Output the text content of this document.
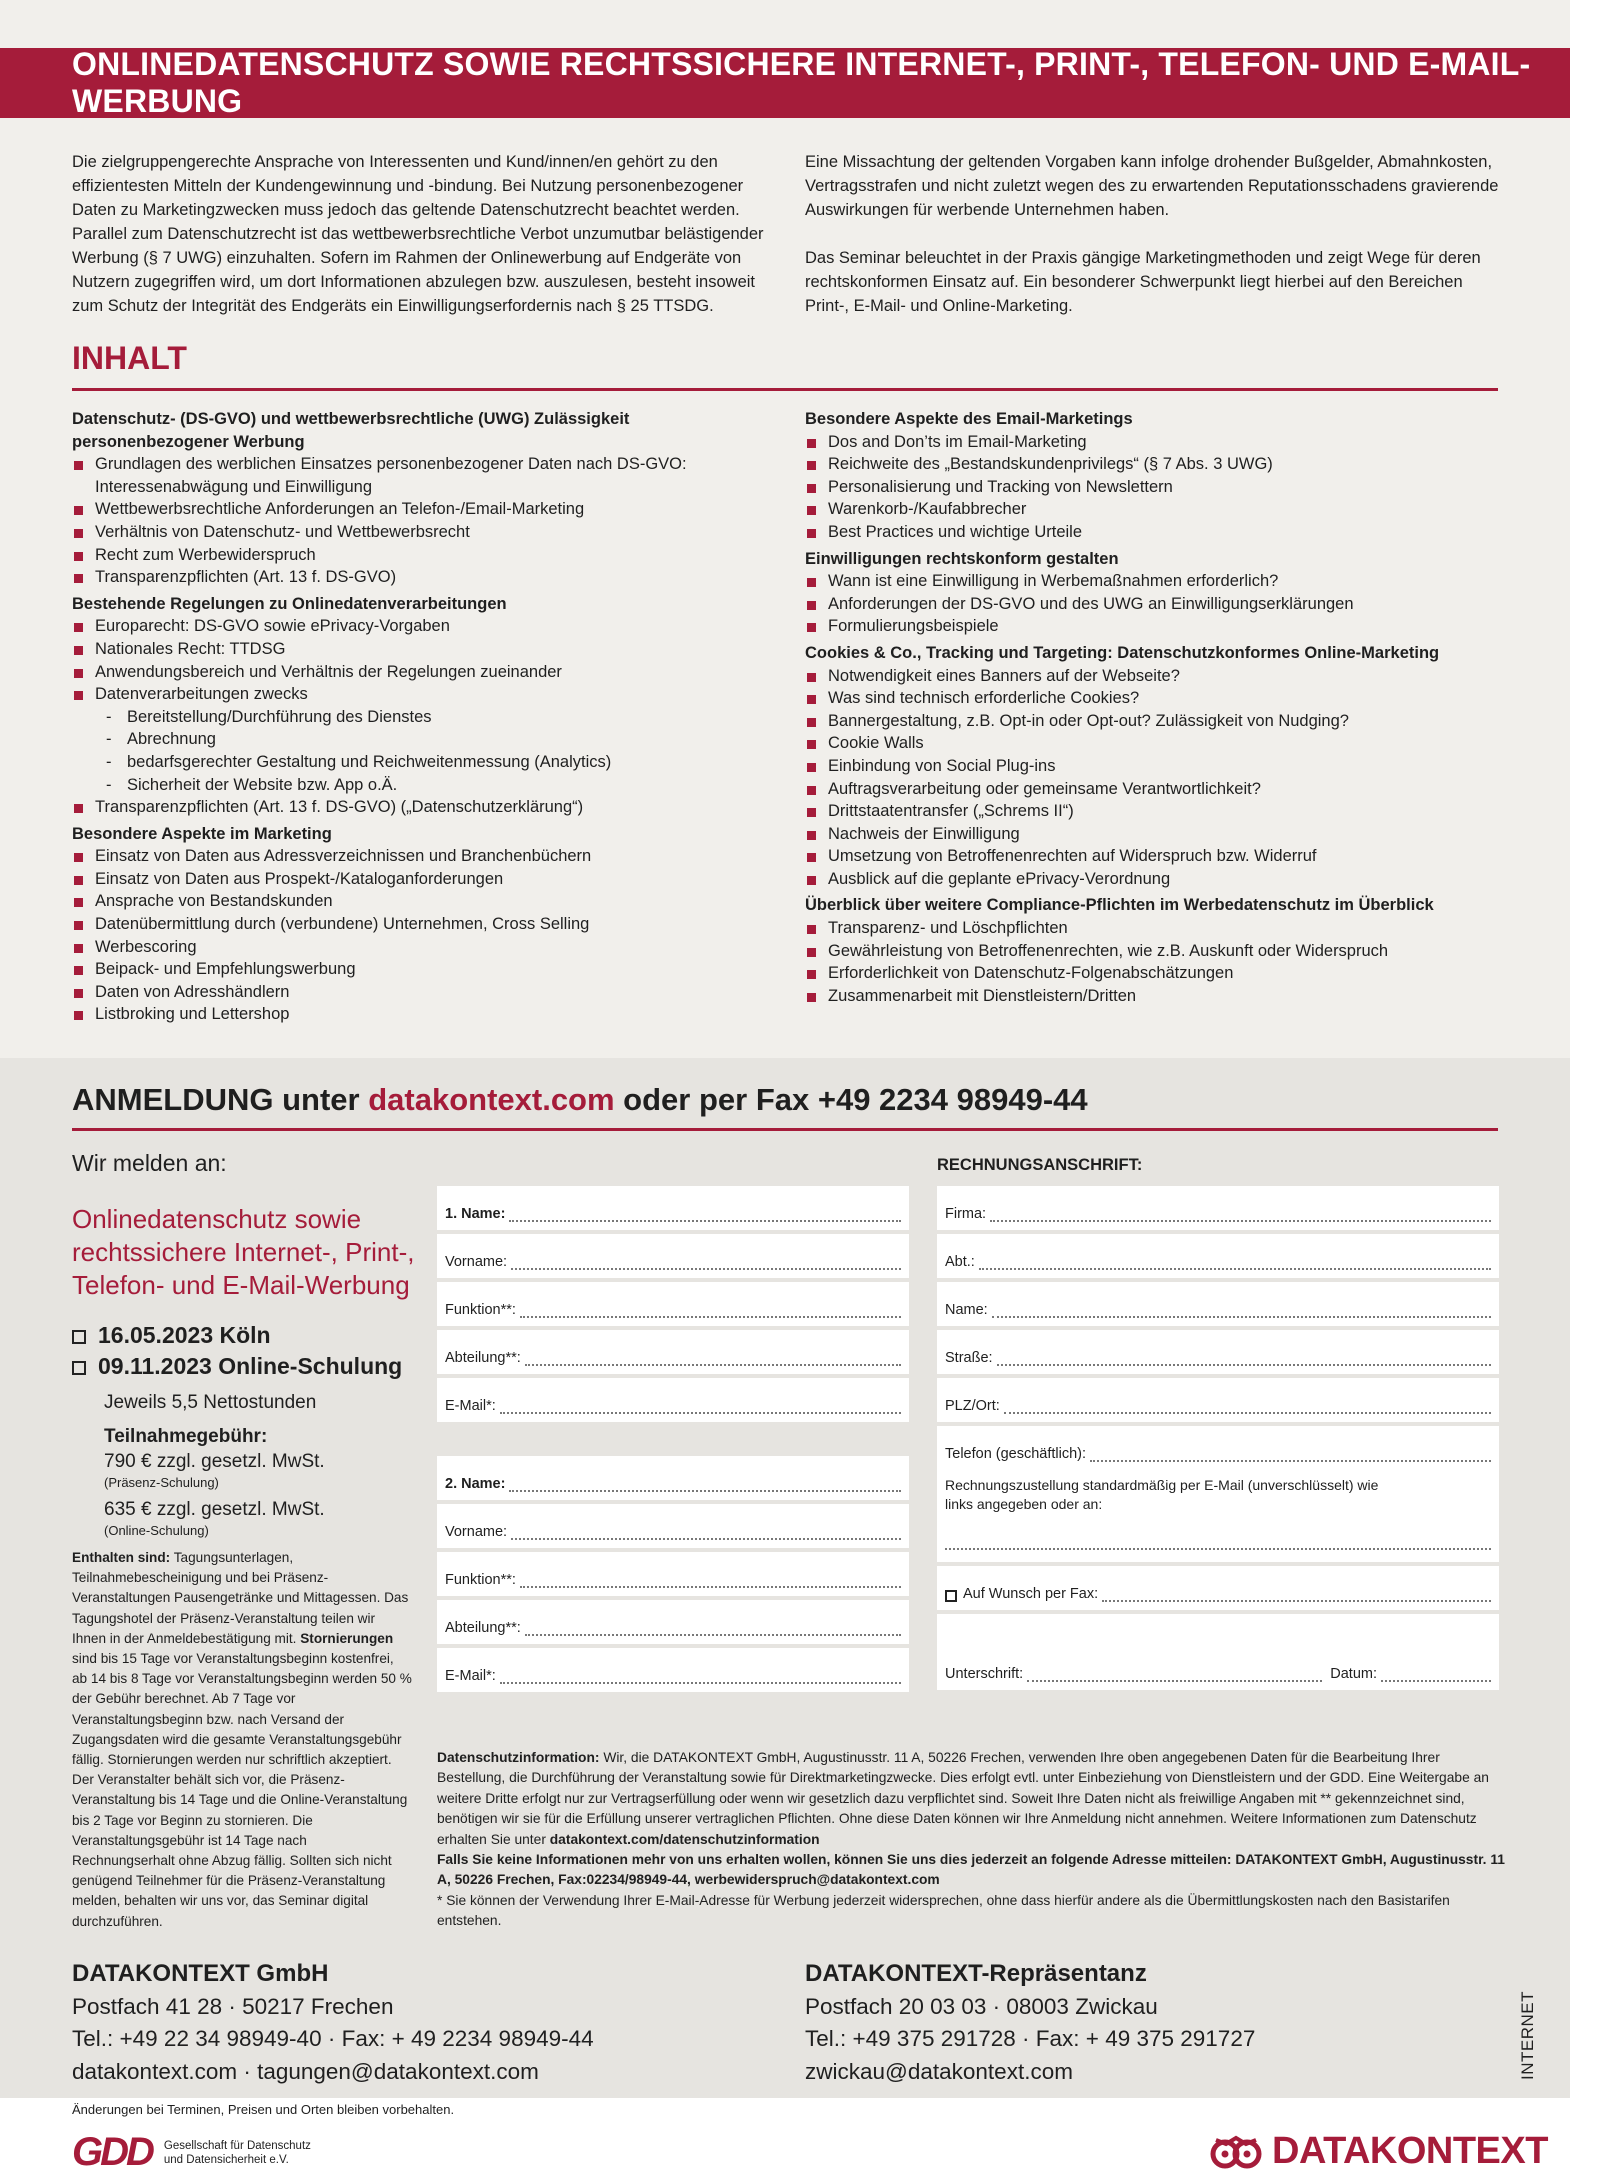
ONLINEDATENSCHUTZ SOWIE RECHTSSICHERE INTERNET-, PRINT-, TELEFON- UND E-MAIL-WERBUNG

Die zielgruppengerechte Ansprache von Interessenten und Kund/innen/en gehört zu den effizientesten Mitteln der Kundengewinnung und -bindung. Bei Nutzung personenbezogener Daten zu Marketingzwecken muss jedoch das geltende Datenschutzrecht beachtet werden. Parallel zum Datenschutzrecht ist das wettbewerbsrechtliche Verbot unzumutbar belästigender Werbung (§ 7 UWG) einzuhalten. Sofern im Rahmen der Onlinewerbung auf Endgeräte von Nutzern zugegriffen wird, um dort Informationen abzulegen bzw. auszulesen, besteht insoweit zum Schutz der Integrität des Endgeräts ein Einwilligungserfordernis nach § 25 TTSDG.

Eine Missachtung der geltenden Vorgaben kann infolge drohender Bußgelder, Abmahnkosten, Vertragsstrafen und nicht zuletzt wegen des zu erwartenden Reputationsschadens gravierende Auswirkungen für werbende Unternehmen haben.

Das Seminar beleuchtet in der Praxis gängige Marketingmethoden und zeigt Wege für deren rechtskonformen Einsatz auf. Ein besonderer Schwerpunkt liegt hierbei auf den Bereichen Print-, E-Mail- und Online-Marketing.

INHALT
Datenschutz- (DS-GVO) und wettbewerbsrechtliche (UWG) Zulässigkeit personenbezogener Werbung
Grundlagen des werblichen Einsatzes personenbezogener Daten nach DS-GVO: Interessenabwägung und Einwilligung
Wettbewerbsrechtliche Anforderungen an Telefon-/Email-Marketing
Verhältnis von Datenschutz- und Wettbewerbsrecht
Recht zum Werbewiderspruch
Transparenzpflichten (Art. 13 f. DS-GVO)
Bestehende Regelungen zu Onlinedatenverarbeitungen
Europarecht: DS-GVO sowie ePrivacy-Vorgaben
Nationales Recht: TTDSG
Anwendungsbereich und Verhältnis der Regelungen zueinander
Datenverarbeitungen zwecks
- Bereitstellung/Durchführung des Dienstes
- Abrechnung
- bedarfsgerechter Gestaltung und Reichweitenmessung (Analytics)
- Sicherheit der Website bzw. App o.Ä.
Transparenzpflichten (Art. 13 f. DS-GVO) („Datenschutzerklärung“)
Besondere Aspekte im Marketing
Einsatz von Daten aus Adressverzeichnissen und Branchenbüchern
Einsatz von Daten aus Prospekt-/Kataloganforderungen
Ansprache von Bestandskunden
Datenübermittlung durch (verbundene) Unternehmen, Cross Selling
Werbescoring
Beipack- und Empfehlungswerbung
Daten von Adresshändlern
Listbroking und Lettershop
Besondere Aspekte des Email-Marketings
Dos and Don’ts im Email-Marketing
Reichweite des „Bestandskundenprivilegs“ (§ 7 Abs. 3 UWG)
Personalisierung und Tracking von Newslettern
Warenkorb-/Kaufabbrecher
Best Practices und wichtige Urteile
Einwilligungen rechtskonform gestalten
Wann ist eine Einwilligung in Werbemaßnahmen erforderlich?
Anforderungen der DS-GVO und des UWG an Einwilligungserklärungen
Formulierungsbeispiele
Cookies & Co., Tracking und Targeting: Datenschutzkonformes Online-Marketing
Notwendigkeit eines Banners auf der Webseite?
Was sind technisch erforderliche Cookies?
Bannergestaltung, z.B. Opt-in oder Opt-out? Zulässigkeit von Nudging?
Cookie Walls
Einbindung von Social Plug-ins
Auftragsverarbeitung oder gemeinsame Verantwortlichkeit?
Drittstaatentransfer („Schrems II“)
Nachweis der Einwilligung
Umsetzung von Betroffenenrechten auf Widerspruch bzw. Widerruf
Ausblick auf die geplante ePrivacy-Verordnung
Überblick über weitere Compliance-Pflichten im Werbedatenschutz im Überblick
Transparenz- und Löschpflichten
Gewährleistung von Betroffenenrechten, wie z.B. Auskunft oder Widerspruch
Erforderlichkeit von Datenschutz-Folgenabschätzungen
Zusammenarbeit mit Dienstleistern/Dritten
ANMELDUNG unter datakontext.com oder per Fax +49 2234 98949-44
Wir melden an:
Onlinedatenschutz sowie rechtssichere Internet-, Print-, Telefon- und E-Mail-Werbung
16.05.2023 Köln
09.11.2023 Online-Schulung
Jeweils 5,5 Nettostunden
Teilnahmegebühr:
790 € zzgl. gesetzl. MwSt.
(Präsenz-Schulung)
635 € zzgl. gesetzl. MwSt.
(Online-Schulung)
Enthalten sind: Tagungsunterlagen, Teilnahmebescheinigung und bei Präsenz-Veranstaltungen Pausengetränke und Mittagessen. Das Tagungshotel der Präsenz-Veranstaltung teilen wir Ihnen in der Anmeldebestätigung mit. Stornierungen sind bis 15 Tage vor Veranstaltungsbeginn kostenfrei, ab 14 bis 8 Tage vor Veranstaltungsbeginn werden 50 % der Gebühr berechnet. Ab 7 Tage vor Veranstaltungsbeginn bzw. nach Versand der Zugangsdaten wird die gesamte Veranstaltungsgebühr fällig. Stornierungen werden nur schriftlich akzeptiert. Der Veranstalter behält sich vor, die Präsenz-Veranstaltung bis 14 Tage und die Online-Veranstaltung bis 2 Tage vor Beginn zu stornieren. Die Veranstaltungsgebühr ist 14 Tage nach Rechnungserhalt ohne Abzug fällig. Sollten sich nicht genügend Teilnehmer für die Präsenz-Veranstaltung melden, behalten wir uns vor, das Seminar digital durchzuführen.
1. Name:
Vorname:
Funktion**:
Abteilung**:
E-Mail*:
2. Name:
Vorname:
Funktion**:
Abteilung**:
E-Mail*:
RECHNUNGSANSCHRIFT:
Firma:
Abt.:
Name:
Straße:
PLZ/Ort:
Telefon (geschäftlich):
Rechnungszustellung standardmäßig per E-Mail (unverschlüsselt) wie links angegeben oder an:
Auf Wunsch per Fax:
Unterschrift:	Datum:
Datenschutzinformation: Wir, die DATAKONTEXT GmbH, Augustinusstr. 11 A, 50226 Frechen, verwenden Ihre oben angegebenen Daten für die Bearbeitung Ihrer Bestellung, die Durchführung der Veranstaltung sowie für Direktmarketingzwecke. Dies erfolgt evtl. unter Einbeziehung von Dienstleistern und der GDD. Eine Weitergabe an weitere Dritte erfolgt nur zur Vertragserfüllung oder wenn wir gesetzlich dazu verpflichtet sind. Soweit Ihre Daten nicht als freiwillige Angaben mit ** gekennzeichnet sind, benötigen wir sie für die Erfüllung unserer vertraglichen Pflichten. Ohne diese Daten können wir Ihre Anmeldung nicht annehmen. Weitere Informationen zum Datenschutz erhalten Sie unter datakontext.com/datenschutzinformation
Falls Sie keine Informationen mehr von uns erhalten wollen, können Sie uns dies jederzeit an folgende Adresse mitteilen: DATAKONTEXT GmbH, Augustinusstr. 11 A, 50226 Frechen, Fax:02234/98949-44, werbewiderspruch@datakontext.com
* Sie können der Verwendung Ihrer E-Mail-Adresse für Werbung jederzeit widersprechen, ohne dass hierfür andere als die Übermittlungskosten nach den Basistarifen entstehen.
DATAKONTEXT GmbH
Postfach 41 28 · 50217 Frechen
Tel.: +49 22 34 98949-40 · Fax: + 49 2234 98949-44
datakontext.com · tagungen@datakontext.com
DATAKONTEXT-Repräsentanz
Postfach 20 03 03 · 08003 Zwickau
Tel.: +49 375 291728 · Fax: + 49 375 291727
zwickau@datakontext.com	INTERNET
Änderungen bei Terminen, Preisen und Orten bleiben vorbehalten.
GDD Gesellschaft für Datenschutz
und Datensicherheit e.V.	DATAKONTEXT
